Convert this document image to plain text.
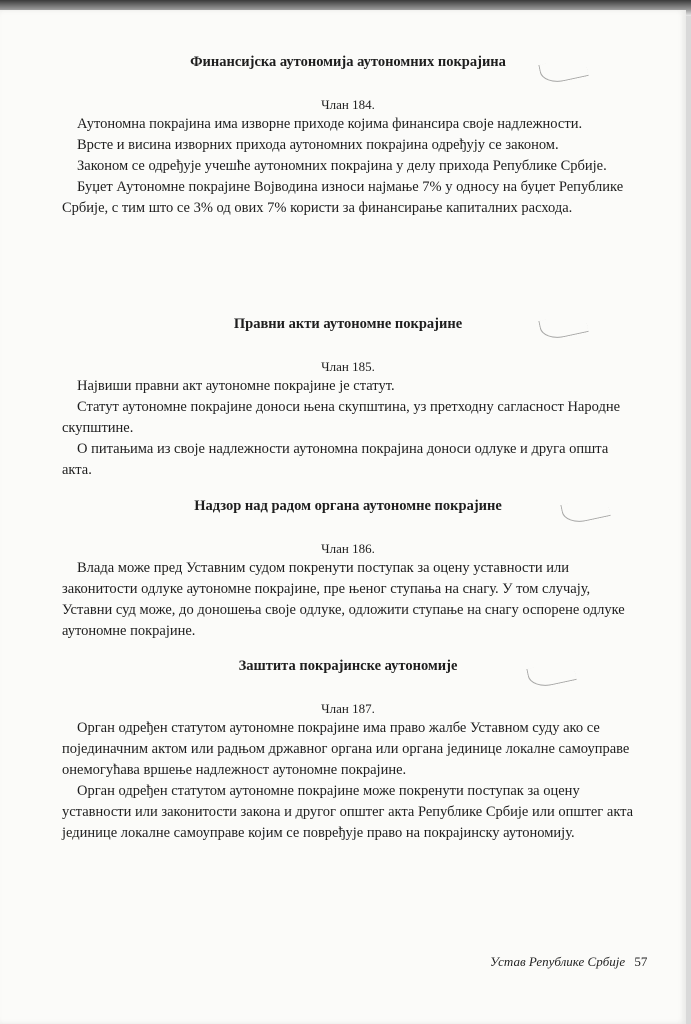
Финансијска аутономија аутономних покрајина
Члан 184.

Аутономна покрајина има изворне приходе којима финансира своје надлежности.

Врсте и висина изворних прихода аутономних покрајина одређују се законом.

Законом се одређује учешће аутономних покрајина у делу прихода Републике Србије.

Буџет Аутономне покрајине Војводина износи најмање 7% у односу на буџет Републике Србије, с тим што се 3% од ових 7% користи за финансирање капиталних расхода.

Правни акти аутономне покрајине
Члан 185.

Највиши правни акт аутономне покрајине је статут.

Статут аутономне покрајине доноси њена скупштина, уз претходну сагласност Народне скупштине.

О питањима из своје надлежности аутономна покрајина доноси одлуке и друга општа акта.

Надзор над радом органа аутономне покрајине
Члан 186.

Влада може пред Уставним судом покренути поступак за оцену уставности или законитости одлуке аутономне покрајине, пре њеног ступања на снагу. У том случају, Уставни суд може, до доношења своје одлуке, одложити ступање на снагу оспорене одлуке аутономне покрајине.

Заштита покрајинске аутономије
Члан 187.

Орган одређен статутом аутономне покрајине има право жалбе Уставном суду ако се појединачним актом или радњом државног органа или органа јединице локалне самоуправе онемогућава вршење надлежност аутономне покрајине.

Орган одређен статутом аутономне покрајине може покренути поступак за оцену уставности или законитости закона и другог општег акта Републике Србије или општег акта јединице локалне самоуправе којим се повређује право на покрајинску аутономију.

Устав Републике Србије 57
